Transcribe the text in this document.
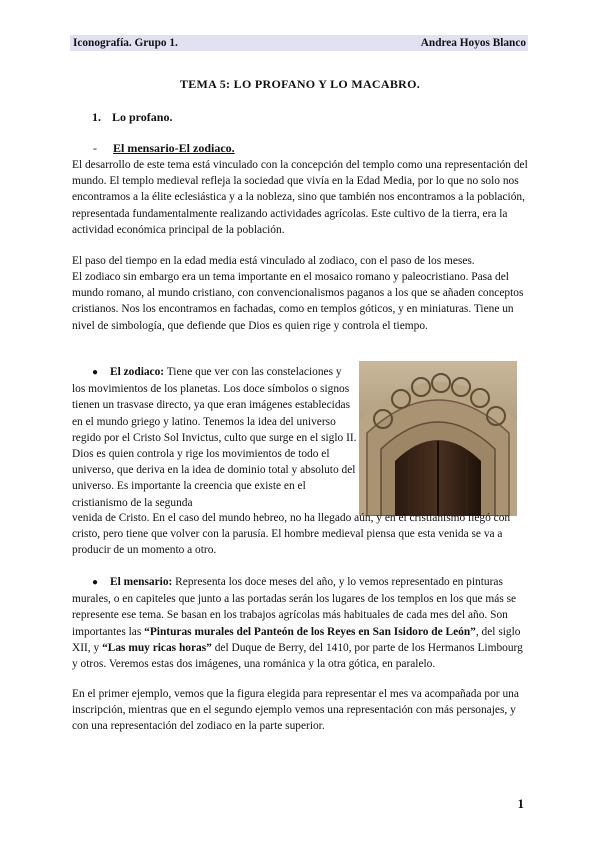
Iconografía. Grupo 1.	Andrea Hoyos Blanco
TEMA 5: LO PROFANO Y LO MACABRO.
1. Lo profano.
- El mensario-El zodiaco.

El desarrollo de este tema está vinculado con la concepción del templo como una representación del mundo. El templo medieval refleja la sociedad que vivía en la Edad Media, por lo que no solo nos encontramos a la élite eclesiástica y a la nobleza, sino que también nos encontramos a la población, representada fundamentalmente realizando actividades agrícolas. Este cultivo de la tierra, era la actividad económica principal de la población.

El paso del tiempo en la edad media está vinculado al zodiaco, con el paso de los meses.

El zodiaco sin embargo era un tema importante en el mosaico romano y paleocristiano. Pasa del mundo romano, al mundo cristiano, con convencionalismos paganos a los que se añaden conceptos cristianos. Nos los encontramos en fachadas, como en templos góticos, y en miniaturas. Tiene un nivel de simbología, que defiende que Dios es quien rige y controla el tiempo.

● El zodiaco: Tiene que ver con las constelaciones y los movimientos de los planetas. Los doce símbolos o signos tienen un trasvase directo, ya que eran imágenes establecidas en el mundo griego y latino. Tenemos la idea del universo regido por el Cristo Sol Invictus, culto que surge en el siglo II. Dios es quien controla y rige los movimientos de todo el universo, que deriva en la idea de dominio total y absoluto del universo. Es importante la creencia que existe en el cristianismo de la segunda

venida de Cristo. En el caso del mundo hebreo, no ha llegado aún, y en el cristianismo llegó con cristo, pero tiene que volver con la parusía. El hombre medieval piensa que esta venida se va a producir de un momento a otro.

● El mensario: Representa los doce meses del año, y lo vemos representado en pinturas murales, o en capiteles que junto a las portadas serán los lugares de los templos en los que más se represente ese tema. Se basan en los trabajos agrícolas más habituales de cada mes del año. Son importantes las “Pinturas murales del Panteón de los Reyes en San Isidoro de León”, del siglo XII, y “Las muy ricas horas” del Duque de Berry, del 1410, por parte de los Hermanos Limbourg y otros. Veremos estas dos imágenes, una románica y la otra gótica, en paralelo.

En el primer ejemplo, vemos que la figura elegida para representar el mes va acompañada por una inscripción, mientras que en el segundo ejemplo vemos una representación con más personajes, y con una representación del zodiaco en la parte superior.

1
